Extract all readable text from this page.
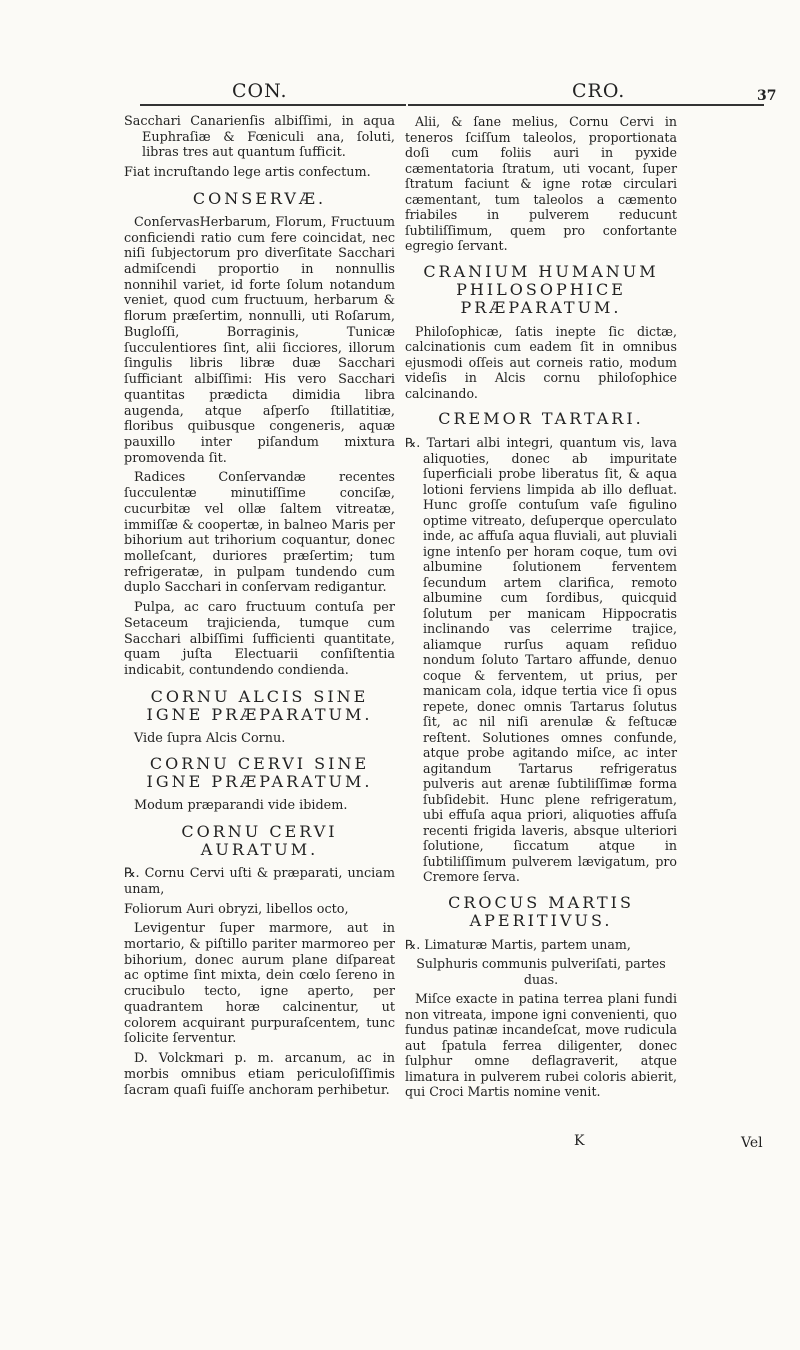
CON.	CRO.	37

Sacchari Canarienſis albiſſimi, in aqua Euphraſiæ & Fœniculi ana, ſoluti, libras tres aut quantum ſufficit.

Fiat incruſtando lege artis confectum.

CONSERVÆ.

ConſervasHerbarum, Florum, Fructuum conficiendi ratio cum fere coincidat, nec niſi ſubjectorum pro diverſitate Sacchari admiſcendi proportio in nonnullis nonnihil variet, id forte ſolum notandum veniet, quod cum fructuum, herbarum & florum præſertim, nonnulli, uti Roſarum, Bugloſſi, Borraginis, Tunicæ ſucculentiores ſint, alii ſicciores, illorum ſingulis libris libræ duæ Sacchari ſufficiant albiſſimi: His vero Sacchari quantitas prædicta dimidia libra augenda, atque aſperſo ſtillatitiæ, floribus quibusque congeneris, aquæ pauxillo inter piſandum mixtura promovenda ſit.

Radices Conſervandæ recentes ſucculentæ minutiſſime conciſæ, cucurbitæ vel ollæ ſaltem vitreatæ, immiſſæ & coopertæ, in balneo Maris per bihorium aut trihorium coquantur, donec molleſcant, duriores præſertim; tum refrigeratæ, in pulpam tundendo cum duplo Sacchari in conſervam redigantur.

Pulpa, ac caro fructuum contuſa per Setaceum trajicienda, tumque cum Sacchari albiſſimi ſufficienti quantitate, quam juſta Electuarii conſiſtentia indicabit, contundendo condienda.

CORNU ALCIS SINE IGNE PRÆPARATUM.

Vide ſupra Alcis Cornu.

CORNU CERVI SINE IGNE PRÆPARATUM.

Modum præparandi vide ibidem.

CORNU CERVI AURATUM.

℞. Cornu Cervi uſti & præparati, unciam unam,

Foliorum Auri obryzi, libellos octo,

Levigentur ſuper marmore, aut in mortario, & piſtillo pariter marmoreo per bihorium, donec aurum plane diſpareat ac optime ſint mixta, dein cœlo ſereno in crucibulo tecto, igne aperto, per quadrantem horæ calcinentur, ut colorem acquirant purpuraſcentem, tunc ſolicite ſerventur.

D. Volckmari p. m. arcanum, ac in morbis omnibus etiam periculoſiſſimis ſacram quaſi fuiſſe anchoram perhibetur.

Alii, & ſane melius, Cornu Cervi in teneros ſciſſum taleolos, proportionata doſi cum foliis auri in pyxide cæmentatoria ſtratum, uti vocant, ſuper ſtratum faciunt & igne rotæ circulari cæmentant, tum taleolos a cæmento friabiles in pulverem reducunt ſubtiliſſimum, quem pro confortante egregio ſervant.

CRANIUM HUMANUM PHILOSOPHICE PRÆPARATUM.

Philoſophicæ, ſatis inepte ſic dictæ, calcinationis cum eadem ſit in omnibus ejusmodi oſſeis aut corneis ratio, modum videſis in Alcis cornu philoſophice calcinando.

CREMOR TARTARI.

℞. Tartari albi integri, quantum vis, lava aliquoties, donec ab impuritate ſuperficiali probe liberatus ſit, & aqua lotioni ferviens limpida ab illo defluat. Hunc groſſe contuſum vaſe figulino optime vitreato, deſuperque operculato inde, ac affuſa aqua fluviali, aut pluviali igne intenſo per horam coque, tum ovi albumine ſolutionem ferventem ſecundum artem clarifica, remoto albumine cum ſordibus, quicquid ſolutum per manicam Hippocratis inclinando vas celerrime trajice, aliamque rurſus aquam reſiduo nondum ſoluto Tartaro affunde, denuo coque & ferventem, ut prius, per manicam cola, idque tertia vice ſi opus repete, donec omnis Tartarus ſolutus ſit, ac nil niſi arenulæ & feſtucæ reſtent. Solutiones omnes confunde, atque probe agitando miſce, ac inter agitandum Tartarus refrigeratus pulveris aut arenæ ſubtiliſſimæ forma ſubſidebit. Hunc plene refrigeratum, ubi effuſa aqua priori, aliquoties affuſa recenti frigida laveris, absque ulteriori ſolutione, ſiccatum atque in ſubtiliſſimum pulverem lævigatum, pro Cremore ſerva.

CROCUS MARTIS APERITIVUS.

℞. Limaturæ Martis, partem unam,

Sulphuris communis pulveriſati, partes duas.

Miſce exacte in patina terrea plani fundi non vitreata, impone igni convenienti, quo fundus patinæ incandeſcat, move rudicula aut ſpatula ferrea diligenter, donec ſulphur omne deflagraverit, atque limatura in pulverem rubei coloris abierit, qui Croci Martis nomine venit.

K	Vel
